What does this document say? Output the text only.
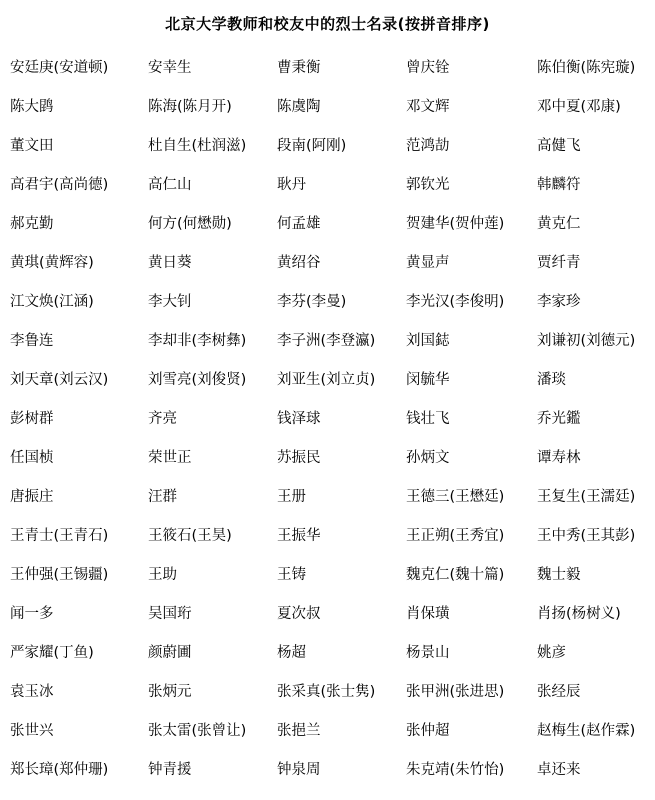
北京大学教师和校友中的烈士名录(按拼音排序)
安廷庚(安道顿)	安幸生	曹秉衡	曾庆铨	陈伯衡(陈宪璇)
陈大鹍	陈海(陈月开)	陈虞陶	邓文辉	邓中夏(邓康)
董文田	杜自生(杜润滋)	段南(阿刚)	范鸿劼	高健飞
高君宇(高尚德)	高仁山	耿丹	郭钦光	韩麟符
郝克勤	何方(何懋勋)	何孟雄	贺建华(贺仲莲)	黄克仁
黄琪(黄辉容)	黄日葵	黄绍谷	黄显声	贾纤青
江文焕(江涵)	李大钊	李芬(李曼)	李光汉(李俊明)	李家珍
李鲁连	李却非(李树彝)	李子洲(李登瀛)	刘国鋕	刘谦初(刘德元)
刘天章(刘云汉)	刘雪亮(刘俊贤)	刘亚生(刘立贞)	闵毓华	潘琰
彭树群	齐亮	钱泽球	钱壮飞	乔光鑑
任国桢	荣世正	苏振民	孙炳文	谭寿林
唐振庄	汪群	王册	王德三(王懋廷)	王复生(王濡廷)
王青士(王青石)	王筱石(王昊)	王振华	王正朔(王秀宜)	王中秀(王其彭)
王仲强(王锡疆)	王助	王铸	魏克仁(魏十篇)	魏士毅
闻一多	吴国珩	夏次叔	肖保璜	肖扬(杨树义)
严家耀(丁鱼)	颜蔚圃	杨超	杨景山	姚彦
袁玉冰	张炳元	张采真(张士隽)	张甲洲(张进思)	张经辰
张世兴	张太雷(张曾让)	张挹兰	张仲超	赵梅生(赵作霖)
郑长璋(郑仲珊)	钟青援	钟泉周	朱克靖(朱竹怡)	卓还来
